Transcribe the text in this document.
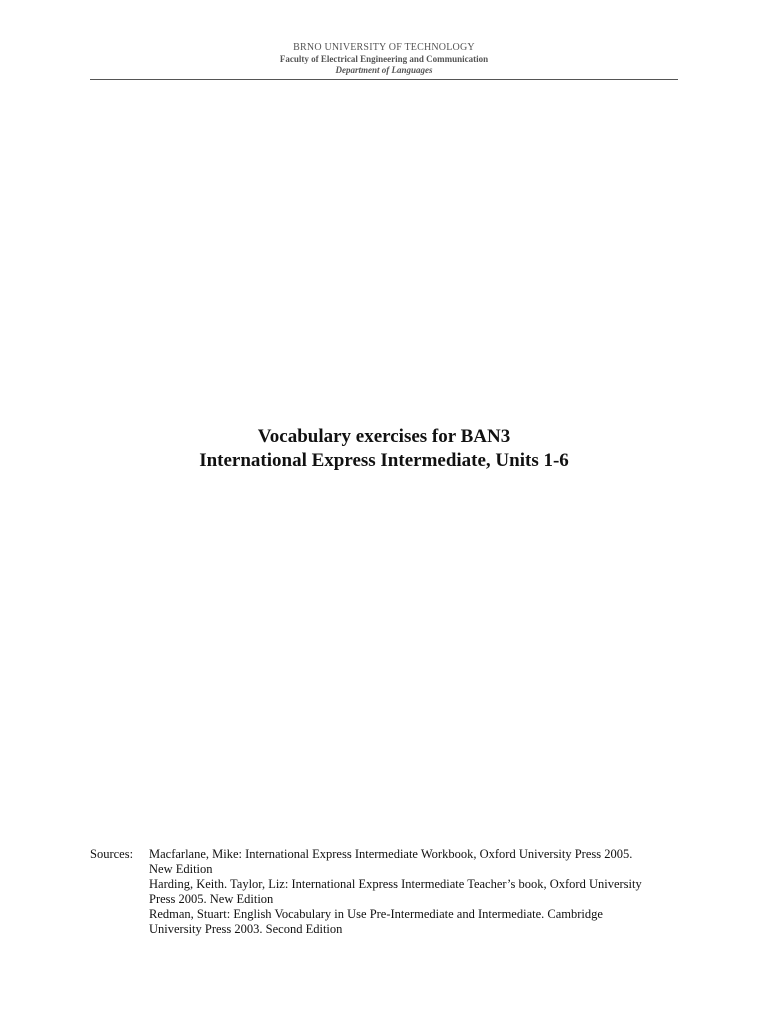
BRNO UNIVERSITY OF TECHNOLOGY
Faculty of Electrical Engineering and Communication
Department of Languages
Vocabulary exercises for BAN3
International Express Intermediate, Units 1-6
Sources: Macfarlane, Mike: International Express Intermediate Workbook, Oxford University Press 2005.
New Edition
Harding, Keith. Taylor, Liz: International Express Intermediate Teacher’s book, Oxford University
Press 2005. New Edition
Redman, Stuart: English Vocabulary in Use Pre-Intermediate and Intermediate. Cambridge
University Press 2003. Second Edition
